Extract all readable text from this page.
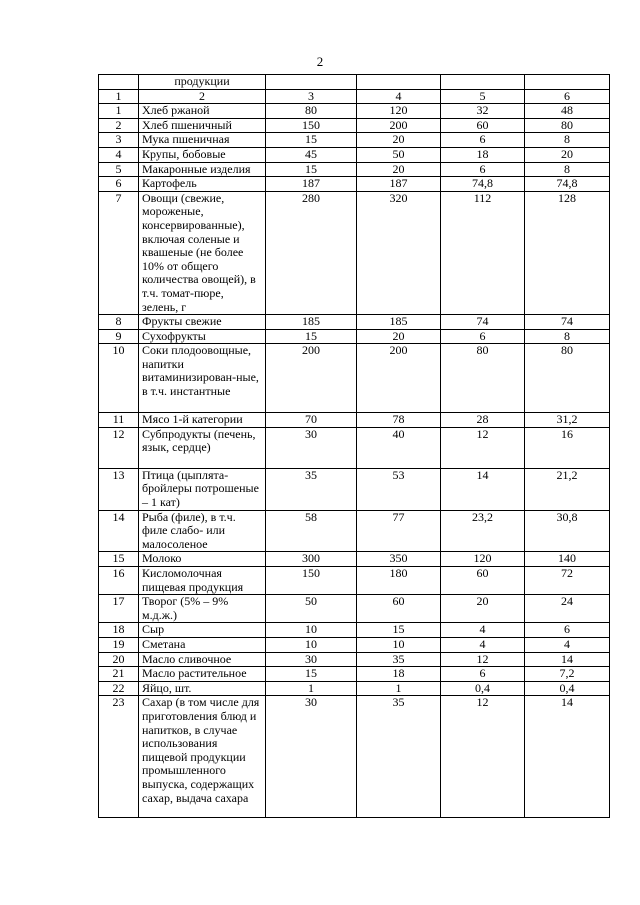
2
	продукции				
1	2	3	4	5	6
1	Хлеб ржаной	80	120	32	48
2	Хлеб пшеничный	150	200	60	80
3	Мука пшеничная	15	20	6	8
4	Крупы, бобовые	45	50	18	20
5	Макаронные изделия	15	20	6	8
6	Картофель	187	187	74,8	74,8
7	Овощи (свежие, мороженые, консервированные), включая соленые и квашеные (не более 10% от общего количества овощей), в т.ч. томат-пюре, зелень, г	280	320	112	128
8	Фрукты свежие	185	185	74	74
9	Сухофрукты	15	20	6	8
10	Соки плодоовощные, напитки витаминизирован-ные, в т.ч. инстантные	200	200	80	80
11	Мясо 1-й категории	70	78	28	31,2
12	Субпродукты (печень, язык, сердце)	30	40	12	16
13	Птица (цыплята-бройлеры потрошеные – 1 кат)	35	53	14	21,2
14	Рыба (филе), в т.ч. филе слабо- или малосоленое	58	77	23,2	30,8
15	Молоко	300	350	120	140
16	Кисломолочная пищевая продукция	150	180	60	72
17	Творог (5% – 9% м.д.ж.)	50	60	20	24
18	Сыр	10	15	4	6
19	Сметана	10	10	4	4
20	Масло сливочное	30	35	12	14
21	Масло растительное	15	18	6	7,2
22	Яйцо, шт.	1	1	0,4	0,4
23	Сахар (в том числе для приготовления блюд и напитков, в случае использования пищевой продукции промышленного выпуска, содержащих сахар, выдача сахара	30	35	12	14
